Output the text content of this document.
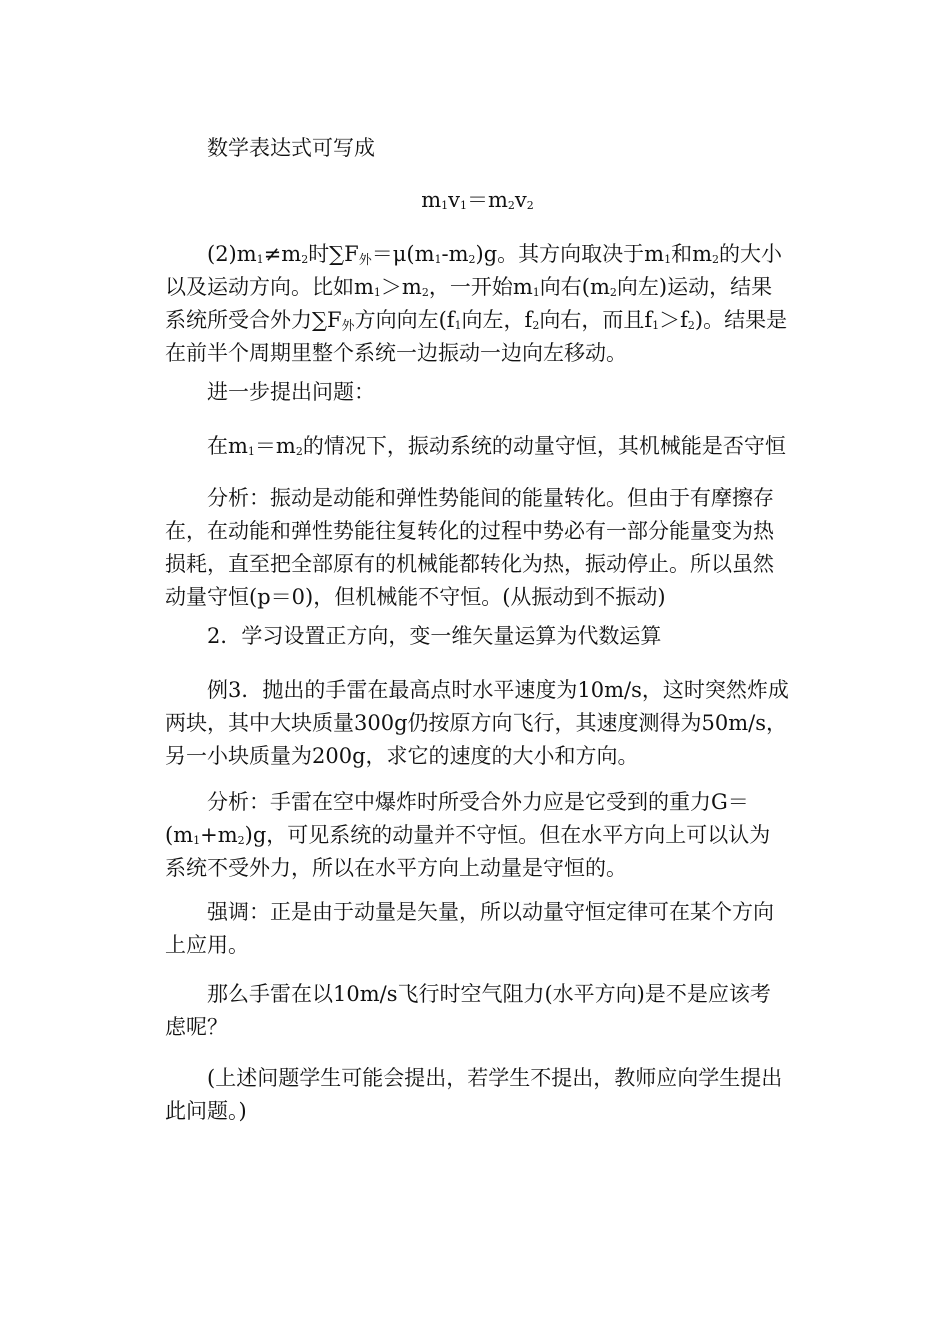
数学表达式可写成

$m_1v_1=m_2v_2$

$(2)m_1\ne m_2$时∑F外$=\mu(m_1-m_2)g$。其方向取决于$m_1$和$m_2$的大小以及运动方向。比如$m_1>m_2$，一开始$m_1$向右($m_2$向左)运动，结果系统所受合外力∑F外方向向左($f_1$向左，$f_2$向右，而且$f_1>f_2$)。结果是在前半个周期里整个系统一边振动一边向左移动。

进一步提出问题：

在$m_1=m_2$的情况下，振动系统的动量守恒，其机械能是否守恒

分析：振动是动能和弹性势能间的能量转化。但由于有摩擦存在，在动能和弹性势能往复转化的过程中势必有一部分能量变为热损耗，直至把全部原有的机械能都转化为热，振动停止。所以虽然动量守恒(p＝0)，但机械能不守恒。(从振动到不振动)

2．学习设置正方向，变一维矢量运算为代数运算

例3．抛出的手雷在最高点时水平速度为10m/s，这时突然炸成两块，其中大块质量300g仍按原方向飞行，其速度测得为50m/s，另一小块质量为200g，求它的速度的大小和方向。

分析：手雷在空中爆炸时所受合外力应是它受到的重力$G=(m_1+m_2)g$，可见系统的动量并不守恒。但在水平方向上可以认为系统不受外力，所以在水平方向上动量是守恒的。

强调：正是由于动量是矢量，所以动量守恒定律可在某个方向上应用。

那么手雷在以10m/s飞行时空气阻力(水平方向)是不是应该考虑呢？

(上述问题学生可能会提出，若学生不提出，教师应向学生提出此问题。)
